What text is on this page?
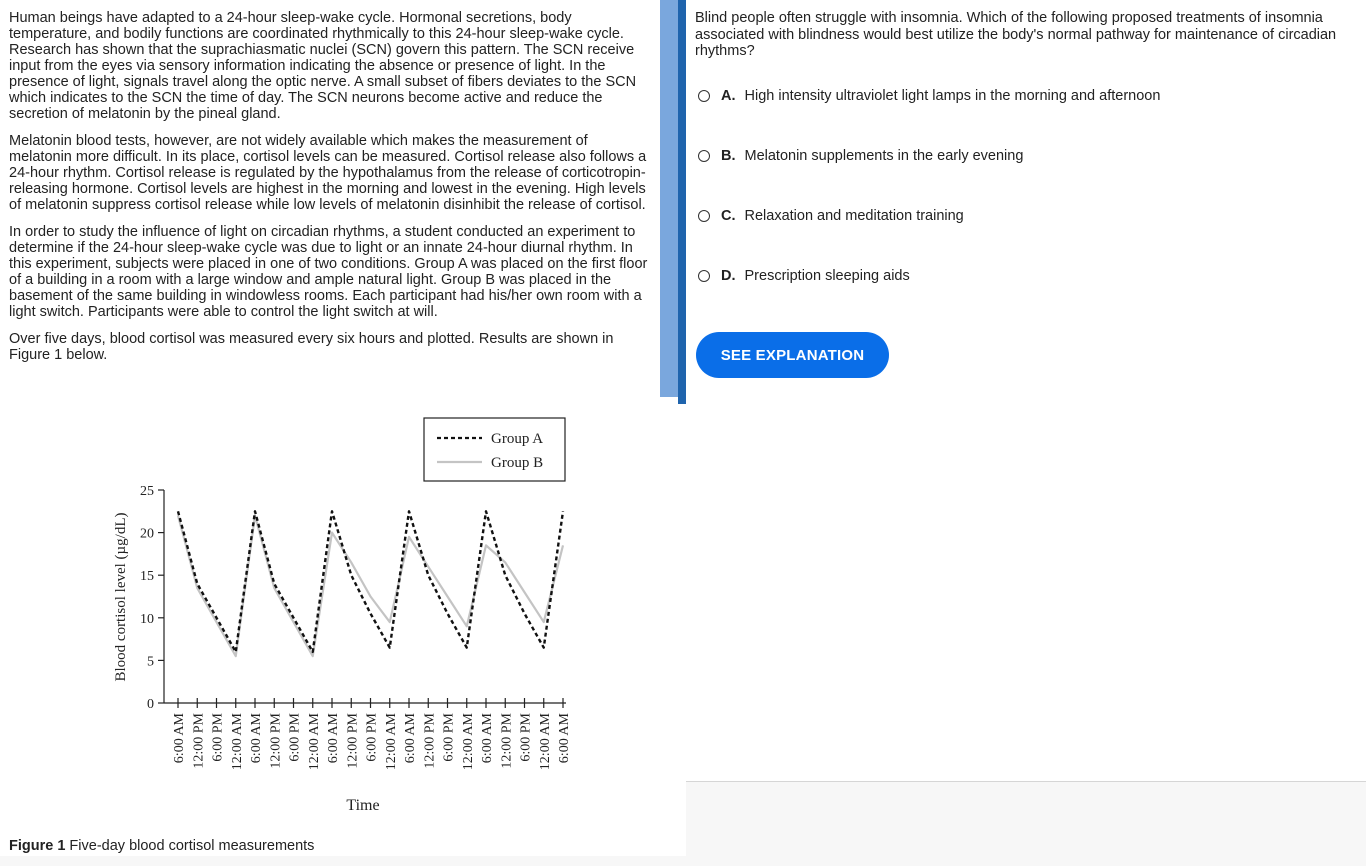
Human beings have adapted to a 24-hour sleep-wake cycle. Hormonal secretions, body temperature, and bodily functions are coordinated rhythmically to this 24-hour sleep-wake cycle. Research has shown that the suprachiasmatic nuclei (SCN) govern this pattern. The SCN receive input from the eyes via sensory information indicating the absence or presence of light. In the presence of light, signals travel along the optic nerve. A small subset of fibers deviates to the SCN which indicates to the SCN the time of day. The SCN neurons become active and reduce the secretion of melatonin by the pineal gland.

Melatonin blood tests, however, are not widely available which makes the measurement of melatonin more difficult. In its place, cortisol levels can be measured. Cortisol release also follows a 24-hour rhythm. Cortisol release is regulated by the hypothalamus from the release of corticotropin-releasing hormone. Cortisol levels are highest in the morning and lowest in the evening. High levels of melatonin suppress cortisol release while low levels of melatonin disinhibit the release of cortisol.

In order to study the influence of light on circadian rhythms, a student conducted an experiment to determine if the 24-hour sleep-wake cycle was due to light or an innate 24-hour diurnal rhythm. In this experiment, subjects were placed in one of two conditions. Group A was placed on the first floor of a building in a room with a large window and ample natural light. Group B was placed in the basement of the same building in windowless rooms. Each participant had his/her own room with a light switch. Participants were able to control the light switch at will.

Over five days, blood cortisol was measured every six hours and plotted. Results are shown in Figure 1 below.

Group A
Group B
0
5
10
15
20
25
6:00 AM 12:00 PM 6:00 PM 12:00 AM 6:00 AM 12:00 PM 6:00 PM 12:00 AM 6:00 AM 12:00 PM 6:00 PM 12:00 AM 6:00 AM 12:00 PM 6:00 PM 12:00 AM 6:00 AM 12:00 PM 6:00 PM 12:00 AM 6:00 AM
Blood cortisol level (µg/dL)
Time
Figure 1 Five-day blood cortisol measurements
Blind people often struggle with insomnia. Which of the following proposed treatments of insomnia associated with blindness would best utilize the body's normal pathway for maintenance of circadian rhythms?
A. High intensity ultraviolet light lamps in the morning and afternoon
B. Melatonin supplements in the early evening
C. Relaxation and meditation training
D. Prescription sleeping aids
SEE EXPLANATION
